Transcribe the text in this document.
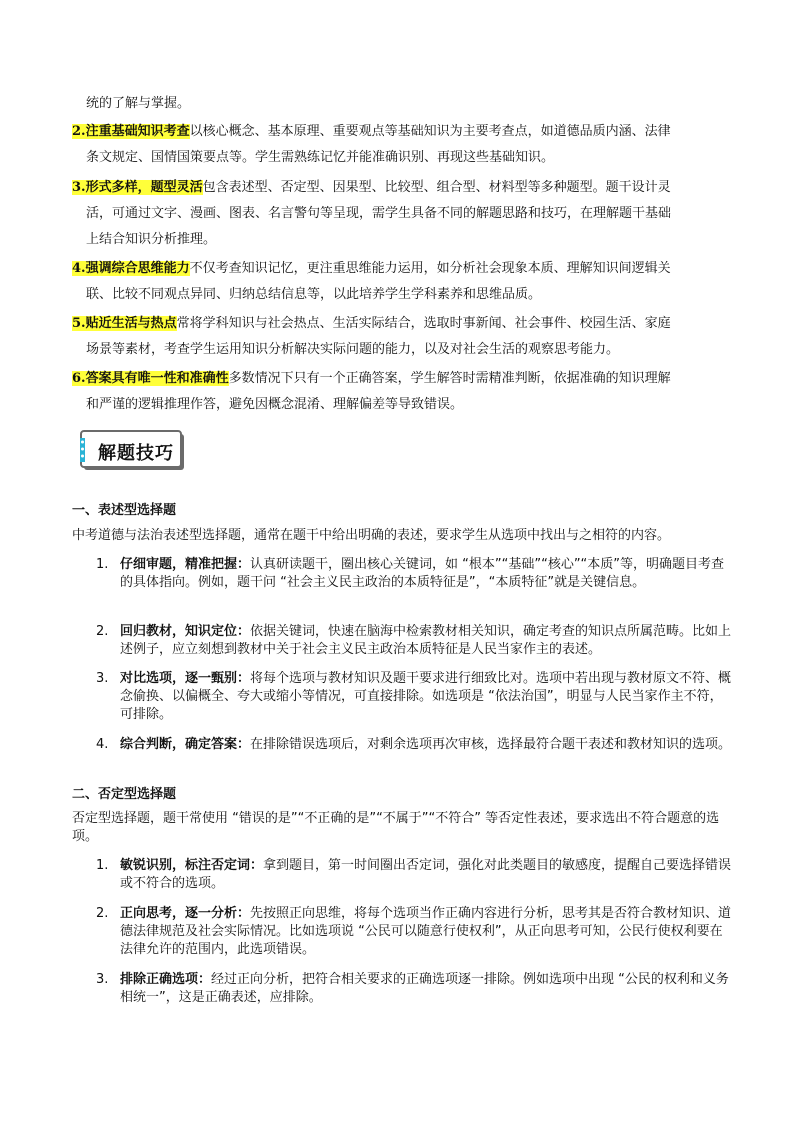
统的了解与掌握。
2.注重基础知识考查以核心概念、基本原理、重要观点等基础知识为主要考查点，如道德品质内涵、法律
条文规定、国情国策要点等。学生需熟练记忆并能准确识别、再现这些基础知识。
3.形式多样，题型灵活包含表述型、否定型、因果型、比较型、组合型、材料型等多种题型。题干设计灵
活，可通过文字、漫画、图表、名言警句等呈现，需学生具备不同的解题思路和技巧，在理解题干基础
上结合知识分析推理。
4.强调综合思维能力不仅考查知识记忆，更注重思维能力运用，如分析社会现象本质、理解知识间逻辑关
联、比较不同观点异同、归纳总结信息等，以此培养学生学科素养和思维品质。
5.贴近生活与热点常将学科知识与社会热点、生活实际结合，选取时事新闻、社会事件、校园生活、家庭
场景等素材，考查学生运用知识分析解决实际问题的能力，以及对社会生活的观察思考能力。
6.答案具有唯一性和准确性多数情况下只有一个正确答案，学生解答时需精准判断，依据准确的知识理解
和严谨的逻辑推理作答，避免因概念混淆、理解偏差等导致错误。
解题技巧
一、表述型选择题
中考道德与法治表述型选择题，通常在题干中给出明确的表述，要求学生从选项中找出与之相符的内容。
1. 仔细审题，精准把握：认真研读题干，圈出核心关键词，如 “根本”“基础”“核心”“本质”等，明确题目考查的具体指向。例如，题干问 “社会主义民主政治的本质特征是”，“本质特征”就是关键信息。
2. 回归教材，知识定位：依据关键词，快速在脑海中检索教材相关知识，确定考查的知识点所属范畴。比如上述例子，应立刻想到教材中关于社会主义民主政治本质特征是人民当家作主的表述。
3. 对比选项，逐一甄别：将每个选项与教材知识及题干要求进行细致比对。选项中若出现与教材原文不符、概念偷换、以偏概全、夸大或缩小等情况，可直接排除。如选项是 “依法治国”，明显与人民当家作主不符，可排除。
4. 综合判断，确定答案：在排除错误选项后，对剩余选项再次审核，选择最符合题干表述和教材知识的选项。
二、否定型选择题
否定型选择题，题干常使用 “错误的是”“不正确的是”“不属于”“不符合” 等否定性表述，要求选出不符合题意的选项。
1. 敏锐识别，标注否定词：拿到题目，第一时间圈出否定词，强化对此类题目的敏感度，提醒自己要选择错误或不符合的选项。
2. 正向思考，逐一分析：先按照正向思维，将每个选项当作正确内容进行分析，思考其是否符合教材知识、道德法律规范及社会实际情况。比如选项说 “公民可以随意行使权利”，从正向思考可知，公民行使权利要在法律允许的范围内，此选项错误。
3. 排除正确选项：经过正向分析，把符合相关要求的正确选项逐一排除。例如选项中出现 “公民的权利和义务相统一”，这是正确表述，应排除。
